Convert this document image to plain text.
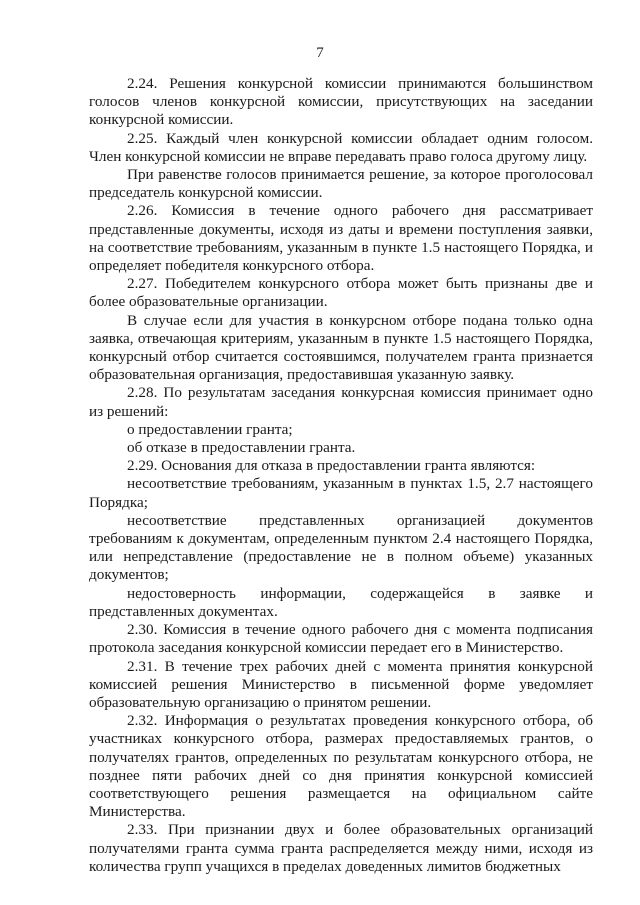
7

2.24. Решения конкурсной комиссии принимаются большинством голосов членов конкурсной комиссии, присутствующих на заседании конкурсной комиссии.

2.25. Каждый член конкурсной комиссии обладает одним голосом. Член конкурсной комиссии не вправе передавать право голоса другому лицу.

При равенстве голосов принимается решение, за которое проголосовал председатель конкурсной комиссии.

2.26. Комиссия в течение одного рабочего дня рассматривает представленные документы, исходя из даты и времени поступления заявки, на соответствие требованиям, указанным в пункте 1.5 настоящего Порядка, и определяет победителя конкурсного отбора.

2.27. Победителем конкурсного отбора может быть признаны две и более образовательные организации.

В случае если для участия в конкурсном отборе подана только одна заявка, отвечающая критериям, указанным в пункте 1.5 настоящего Порядка, конкурсный отбор считается состоявшимся, получателем гранта признается образовательная организация, предоставившая указанную заявку.

2.28. По результатам заседания конкурсная комиссия принимает одно из решений:

о предоставлении гранта;

об отказе в предоставлении гранта.

2.29. Основания для отказа в предоставлении гранта являются:

несоответствие требованиям, указанным в пунктах 1.5, 2.7 настоящего Порядка;

несоответствие представленных организацией документов требованиям к документам, определенным пунктом 2.4 настоящего Порядка, или непредставление (предоставление не в полном объеме) указанных документов;

недостоверность информации, содержащейся в заявке и представленных документах.

2.30. Комиссия в течение одного рабочего дня с момента подписания протокола заседания конкурсной комиссии передает его в Министерство.

2.31. В течение трех рабочих дней с момента принятия конкурсной комиссией решения Министерство в письменной форме уведомляет образовательную организацию о принятом решении.

2.32. Информация о результатах проведения конкурсного отбора, об участниках конкурсного отбора, размерах предоставляемых грантов, о получателях грантов, определенных по результатам конкурсного отбора, не позднее пяти рабочих дней со дня принятия конкурсной комиссией соответствующего решения размещается на официальном сайте Министерства.

2.33. При признании двух и более образовательных организаций получателями гранта сумма гранта распределяется между ними, исходя из количества групп учащихся в пределах доведенных лимитов бюджетных
